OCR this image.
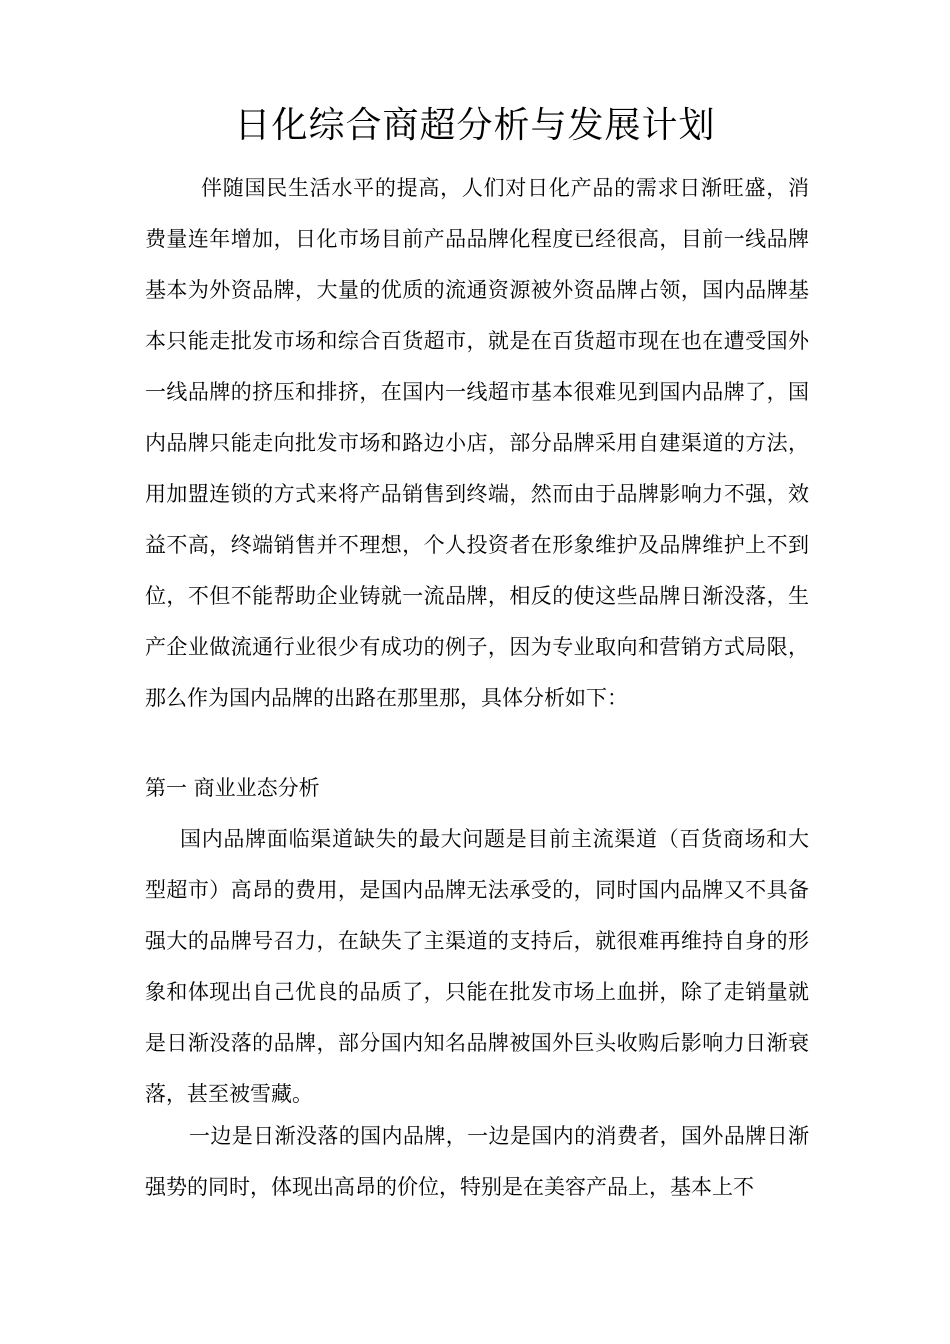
日化综合商超分析与发展计划

伴随国民生活水平的提高，人们对日化产品的需求日渐旺盛，消费量连年增加，日化市场目前产品品牌化程度已经很高，目前一线品牌基本为外资品牌，大量的优质的流通资源被外资品牌占领，国内品牌基本只能走批发市场和综合百货超市，就是在百货超市现在也在遭受国外一线品牌的挤压和排挤，在国内一线超市基本很难见到国内品牌了，国内品牌只能走向批发市场和路边小店，部分品牌采用自建渠道的方法，用加盟连锁的方式来将产品销售到终端，然而由于品牌影响力不强，效益不高，终端销售并不理想，个人投资者在形象维护及品牌维护上不到位，不但不能帮助企业铸就一流品牌，相反的使这些品牌日渐没落，生产企业做流通行业很少有成功的例子，因为专业取向和营销方式局限，那么作为国内品牌的出路在那里那，具体分析如下：

第一 商业业态分析

国内品牌面临渠道缺失的最大问题是目前主流渠道（百货商场和大型超市）高昂的费用，是国内品牌无法承受的，同时国内品牌又不具备强大的品牌号召力，在缺失了主渠道的支持后，就很难再维持自身的形象和体现出自己优良的品质了，只能在批发市场上血拼，除了走销量就是日渐没落的品牌，部分国内知名品牌被国外巨头收购后影响力日渐衰落，甚至被雪藏。

一边是日渐没落的国内品牌，一边是国内的消费者，国外品牌日渐强势的同时，体现出高昂的价位，特别是在美容产品上，基本上不
